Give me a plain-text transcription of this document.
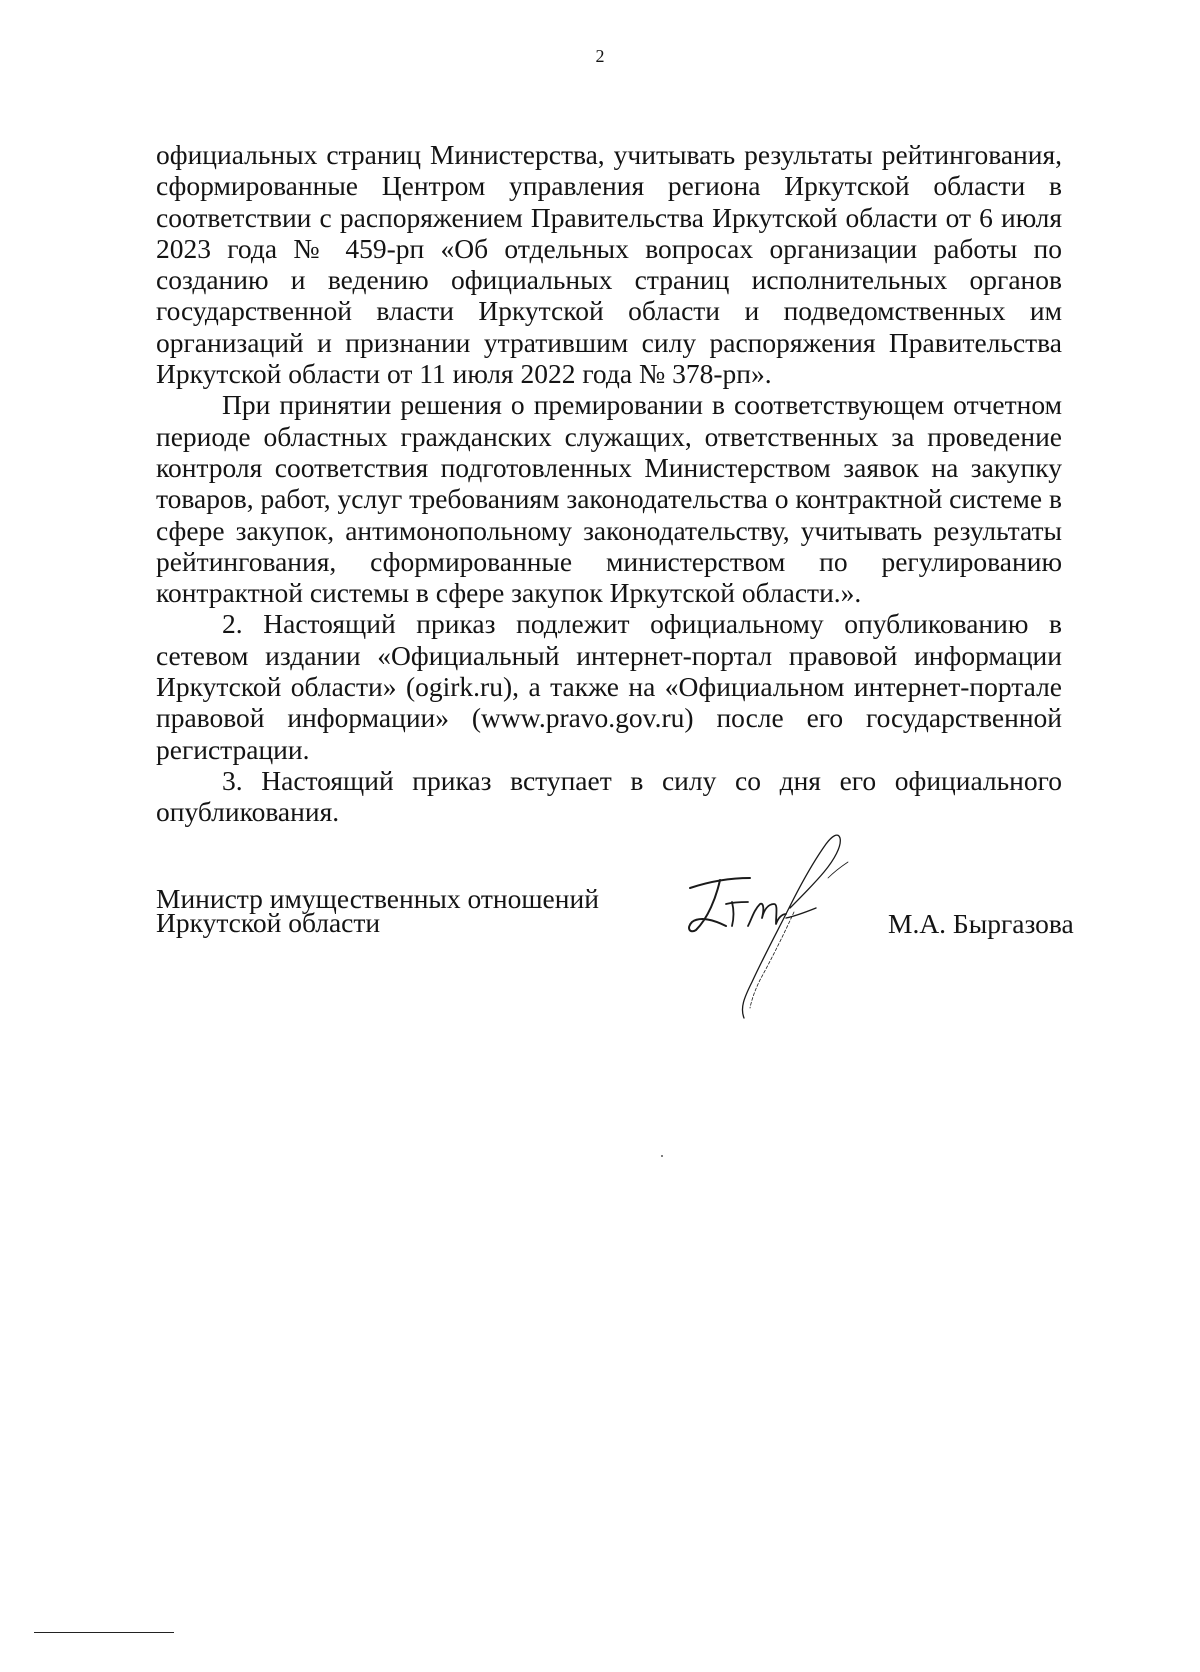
2

официальных страниц Министерства, учитывать результаты рейтингования, сформированные Центром управления региона Иркутской области в соответствии с распоряжением Правительства Иркутской области от 6 июля 2023 года № 459-рп «Об отдельных вопросах организации работы по созданию и ведению официальных страниц исполнительных органов государственной власти Иркутской области и подведомственных им организаций и признании утратившим силу распоряжения Правительства Иркутской области от 11 июля 2022 года № 378-рп».

При принятии решения о премировании в соответствующем отчетном периоде областных гражданских служащих, ответственных за проведение контроля соответствия подготовленных Министерством заявок на закупку товаров, работ, услуг требованиям законодательства о контрактной системе в сфере закупок, антимонопольному законодательству, учитывать результаты рейтингования, сформированные министерством по регулированию контрактной системы в сфере закупок Иркутской области.».

2. Настоящий приказ подлежит официальному опубликованию в сетевом издании «Официальный интернет-портал правовой информации Иркутской области» (ogirk.ru), а также на «Официальном интернет-портале правовой информации» (www.pravo.gov.ru) после его государственной регистрации.

3. Настоящий приказ вступает в силу со дня его официального опубликования.

Министр имущественных отношений
Иркутской области	М.А. Быргазова
